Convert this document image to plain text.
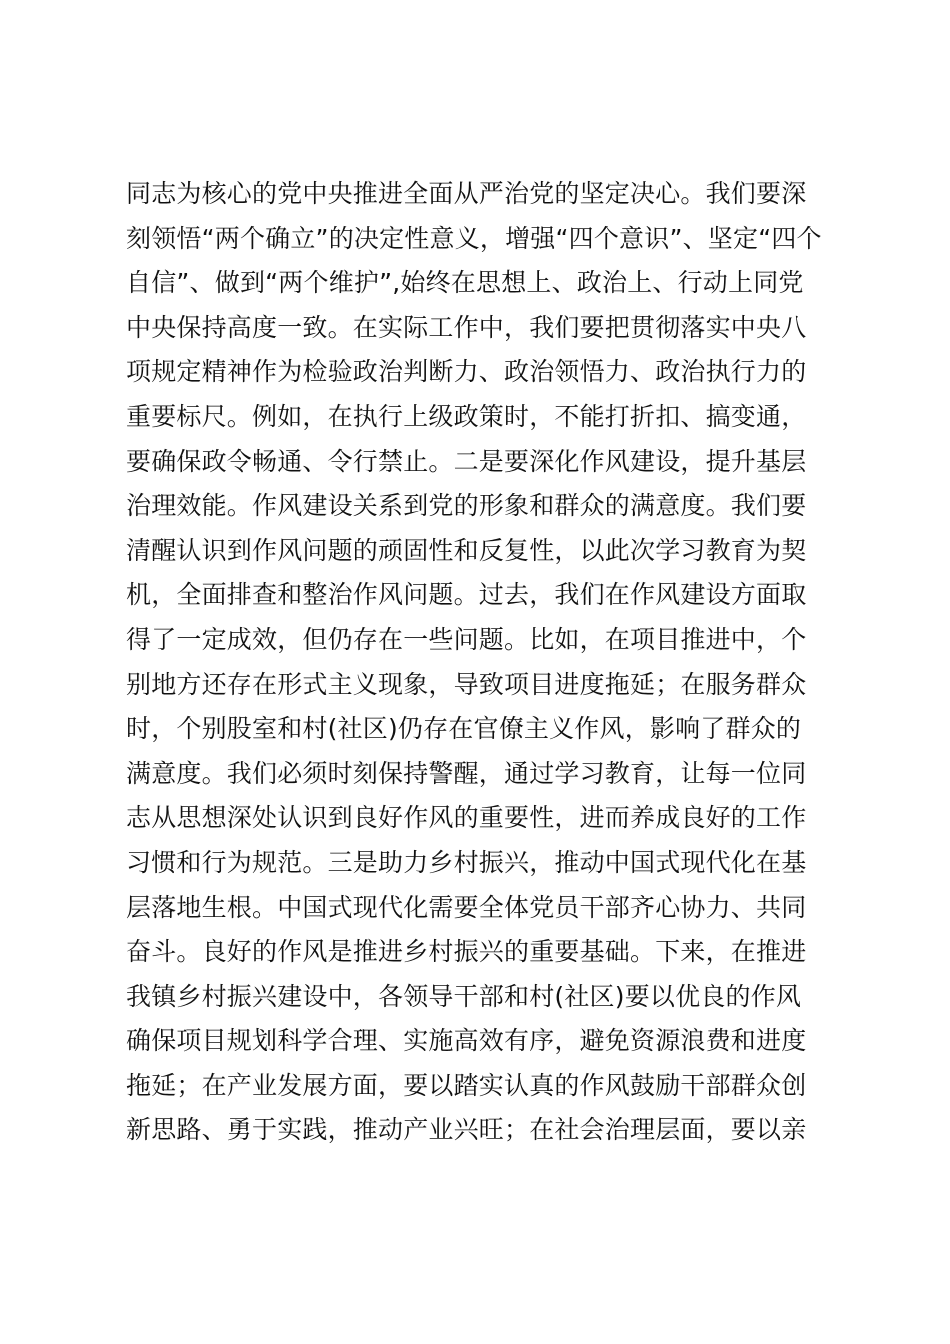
同志为核心的党中央推进全面从严治党的坚定决心。我们要深
刻领悟“两个确立”的决定性意义，增强“四个意识”、坚定“四个
自信”、做到“两个维护”,始终在思想上、政治上、行动上同党
中央保持高度一致。在实际工作中，我们要把贯彻落实中央八
项规定精神作为检验政治判断力、政治领悟力、政治执行力的
重要标尺。例如，在执行上级政策时，不能打折扣、搞变通，
要确保政令畅通、令行禁止。二是要深化作风建设，提升基层
治理效能。作风建设关系到党的形象和群众的满意度。我们要
清醒认识到作风问题的顽固性和反复性，以此次学习教育为契
机，全面排查和整治作风问题。过去，我们在作风建设方面取
得了一定成效，但仍存在一些问题。比如，在项目推进中，个
别地方还存在形式主义现象，导致项目进度拖延；在服务群众
时，个别股室和村(社区)仍存在官僚主义作风，影响了群众的
满意度。我们必须时刻保持警醒，通过学习教育，让每一位同
志从思想深处认识到良好作风的重要性，进而养成良好的工作
习惯和行为规范。三是助力乡村振兴，推动中国式现代化在基
层落地生根。中国式现代化需要全体党员干部齐心协力、共同
奋斗。良好的作风是推进乡村振兴的重要基础。下来，在推进
我镇乡村振兴建设中，各领导干部和村(社区)要以优良的作风
确保项目规划科学合理、实施高效有序，避免资源浪费和进度
拖延；在产业发展方面，要以踏实认真的作风鼓励干部群众创
新思路、勇于实践，推动产业兴旺；在社会治理层面，要以亲
